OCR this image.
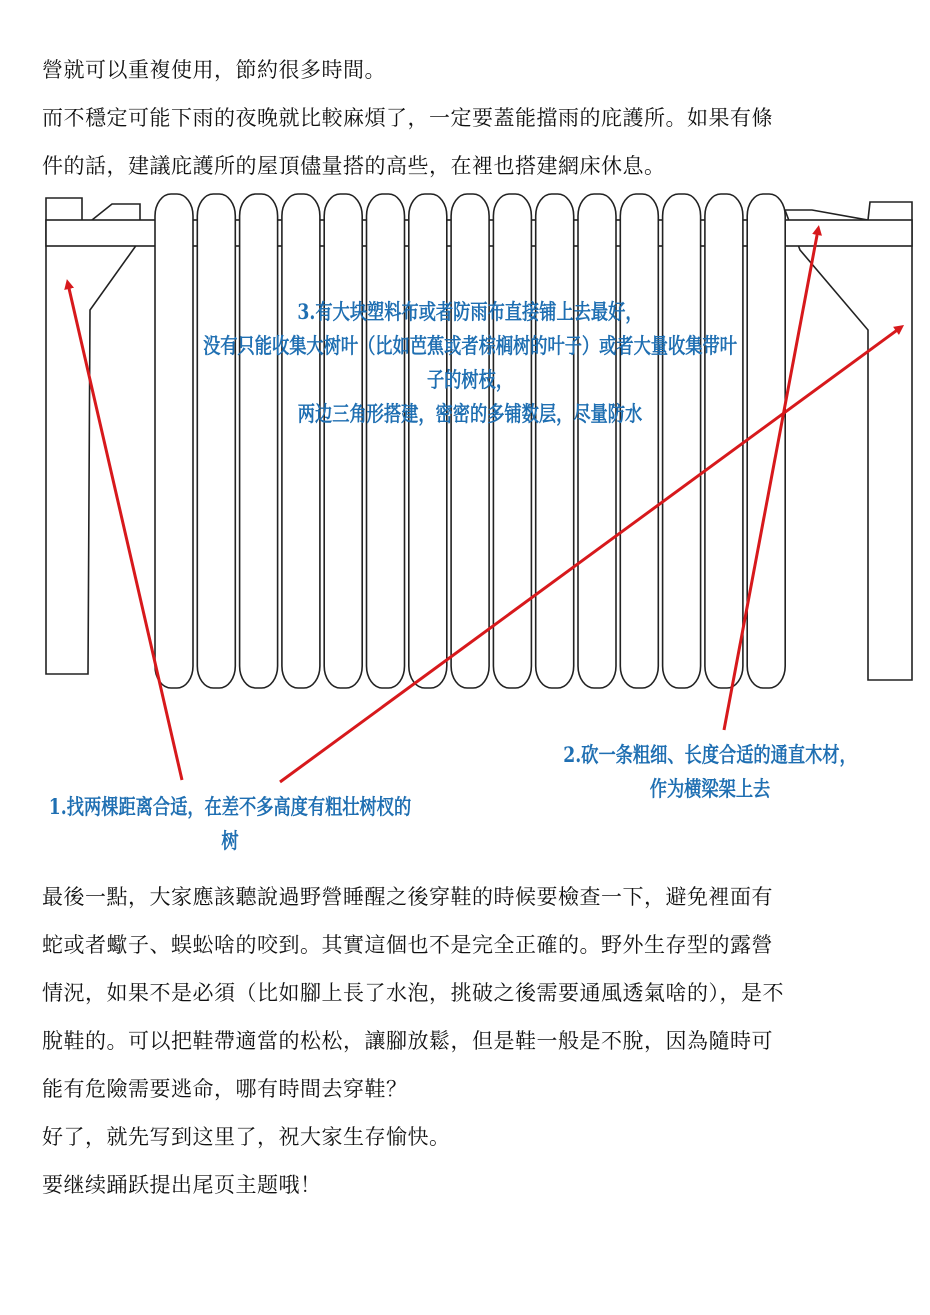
營就可以重複使用，節約很多時間。
而不穩定可能下雨的夜晚就比較麻煩了，一定要蓋能擋雨的庇護所。如果有條
件的話，建議庇護所的屋頂儘量搭的高些，在裡也搭建網床休息。
3.有大块塑料布或者防雨布直接铺上去最好，
没有只能收集大树叶（比如芭蕉或者棕榈树的叶子）或者大量收集带叶子的树枝，
两边三角形搭建，密密的多铺数层，尽量防水
2.砍一条粗细、长度合适的通直木材，
作为横梁架上去
1.找两棵距离合适，在差不多高度有粗壮树杈的树
最後一點，大家應該聽說過野營睡醒之後穿鞋的時候要檢查一下，避免裡面有
蛇或者蠍子、蜈蚣啥的咬到。其實這個也不是完全正確的。野外生存型的露營
情況，如果不是必須（比如腳上長了水泡，挑破之後需要通風透氣啥的），是不
脫鞋的。可以把鞋帶適當的松松，讓腳放鬆，但是鞋一般是不脫，因為隨時可
能有危險需要逃命，哪有時間去穿鞋？
好了，就先写到这里了，祝大家生存愉快。
要继续踊跃提出尾页主题哦！
